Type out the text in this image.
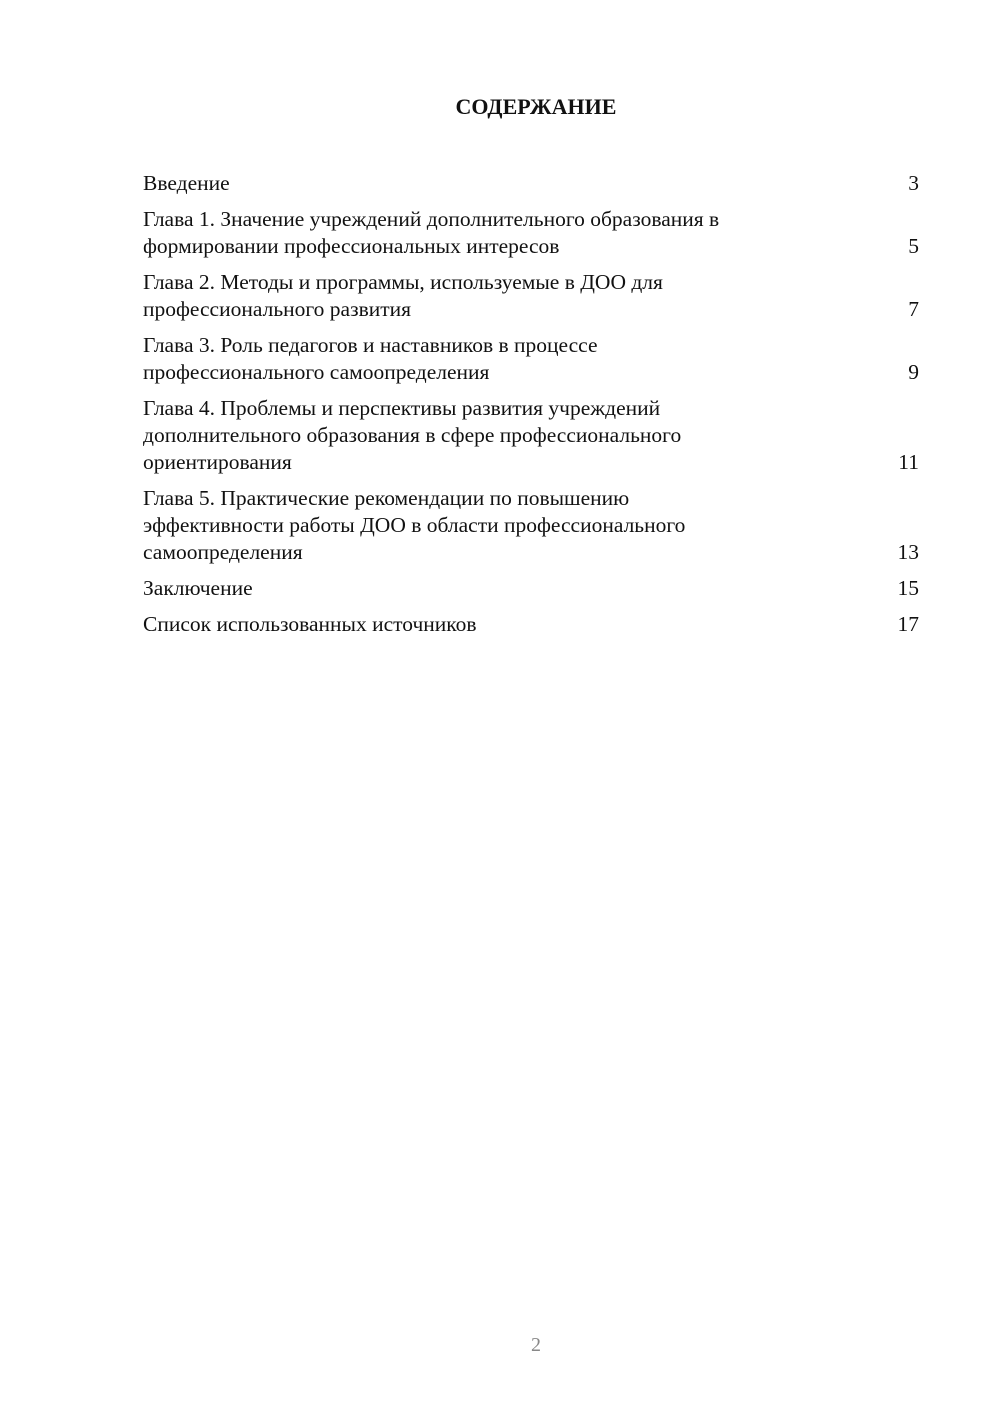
СОДЕРЖАНИЕ
Введение	3
Глава 1. Значение учреждений дополнительного образования в
формировании профессиональных интересов	5
Глава 2. Методы и программы, используемые в ДОО для
профессионального развития	7
Глава 3. Роль педагогов и наставников в процессе
профессионального самоопределения	9
Глава 4. Проблемы и перспективы развития учреждений
дополнительного образования в сфере профессионального
ориентирования	11
Глава 5. Практические рекомендации по повышению
эффективности работы ДОО в области профессионального
самоопределения	13
Заключение	15
Список использованных источников	17
2
